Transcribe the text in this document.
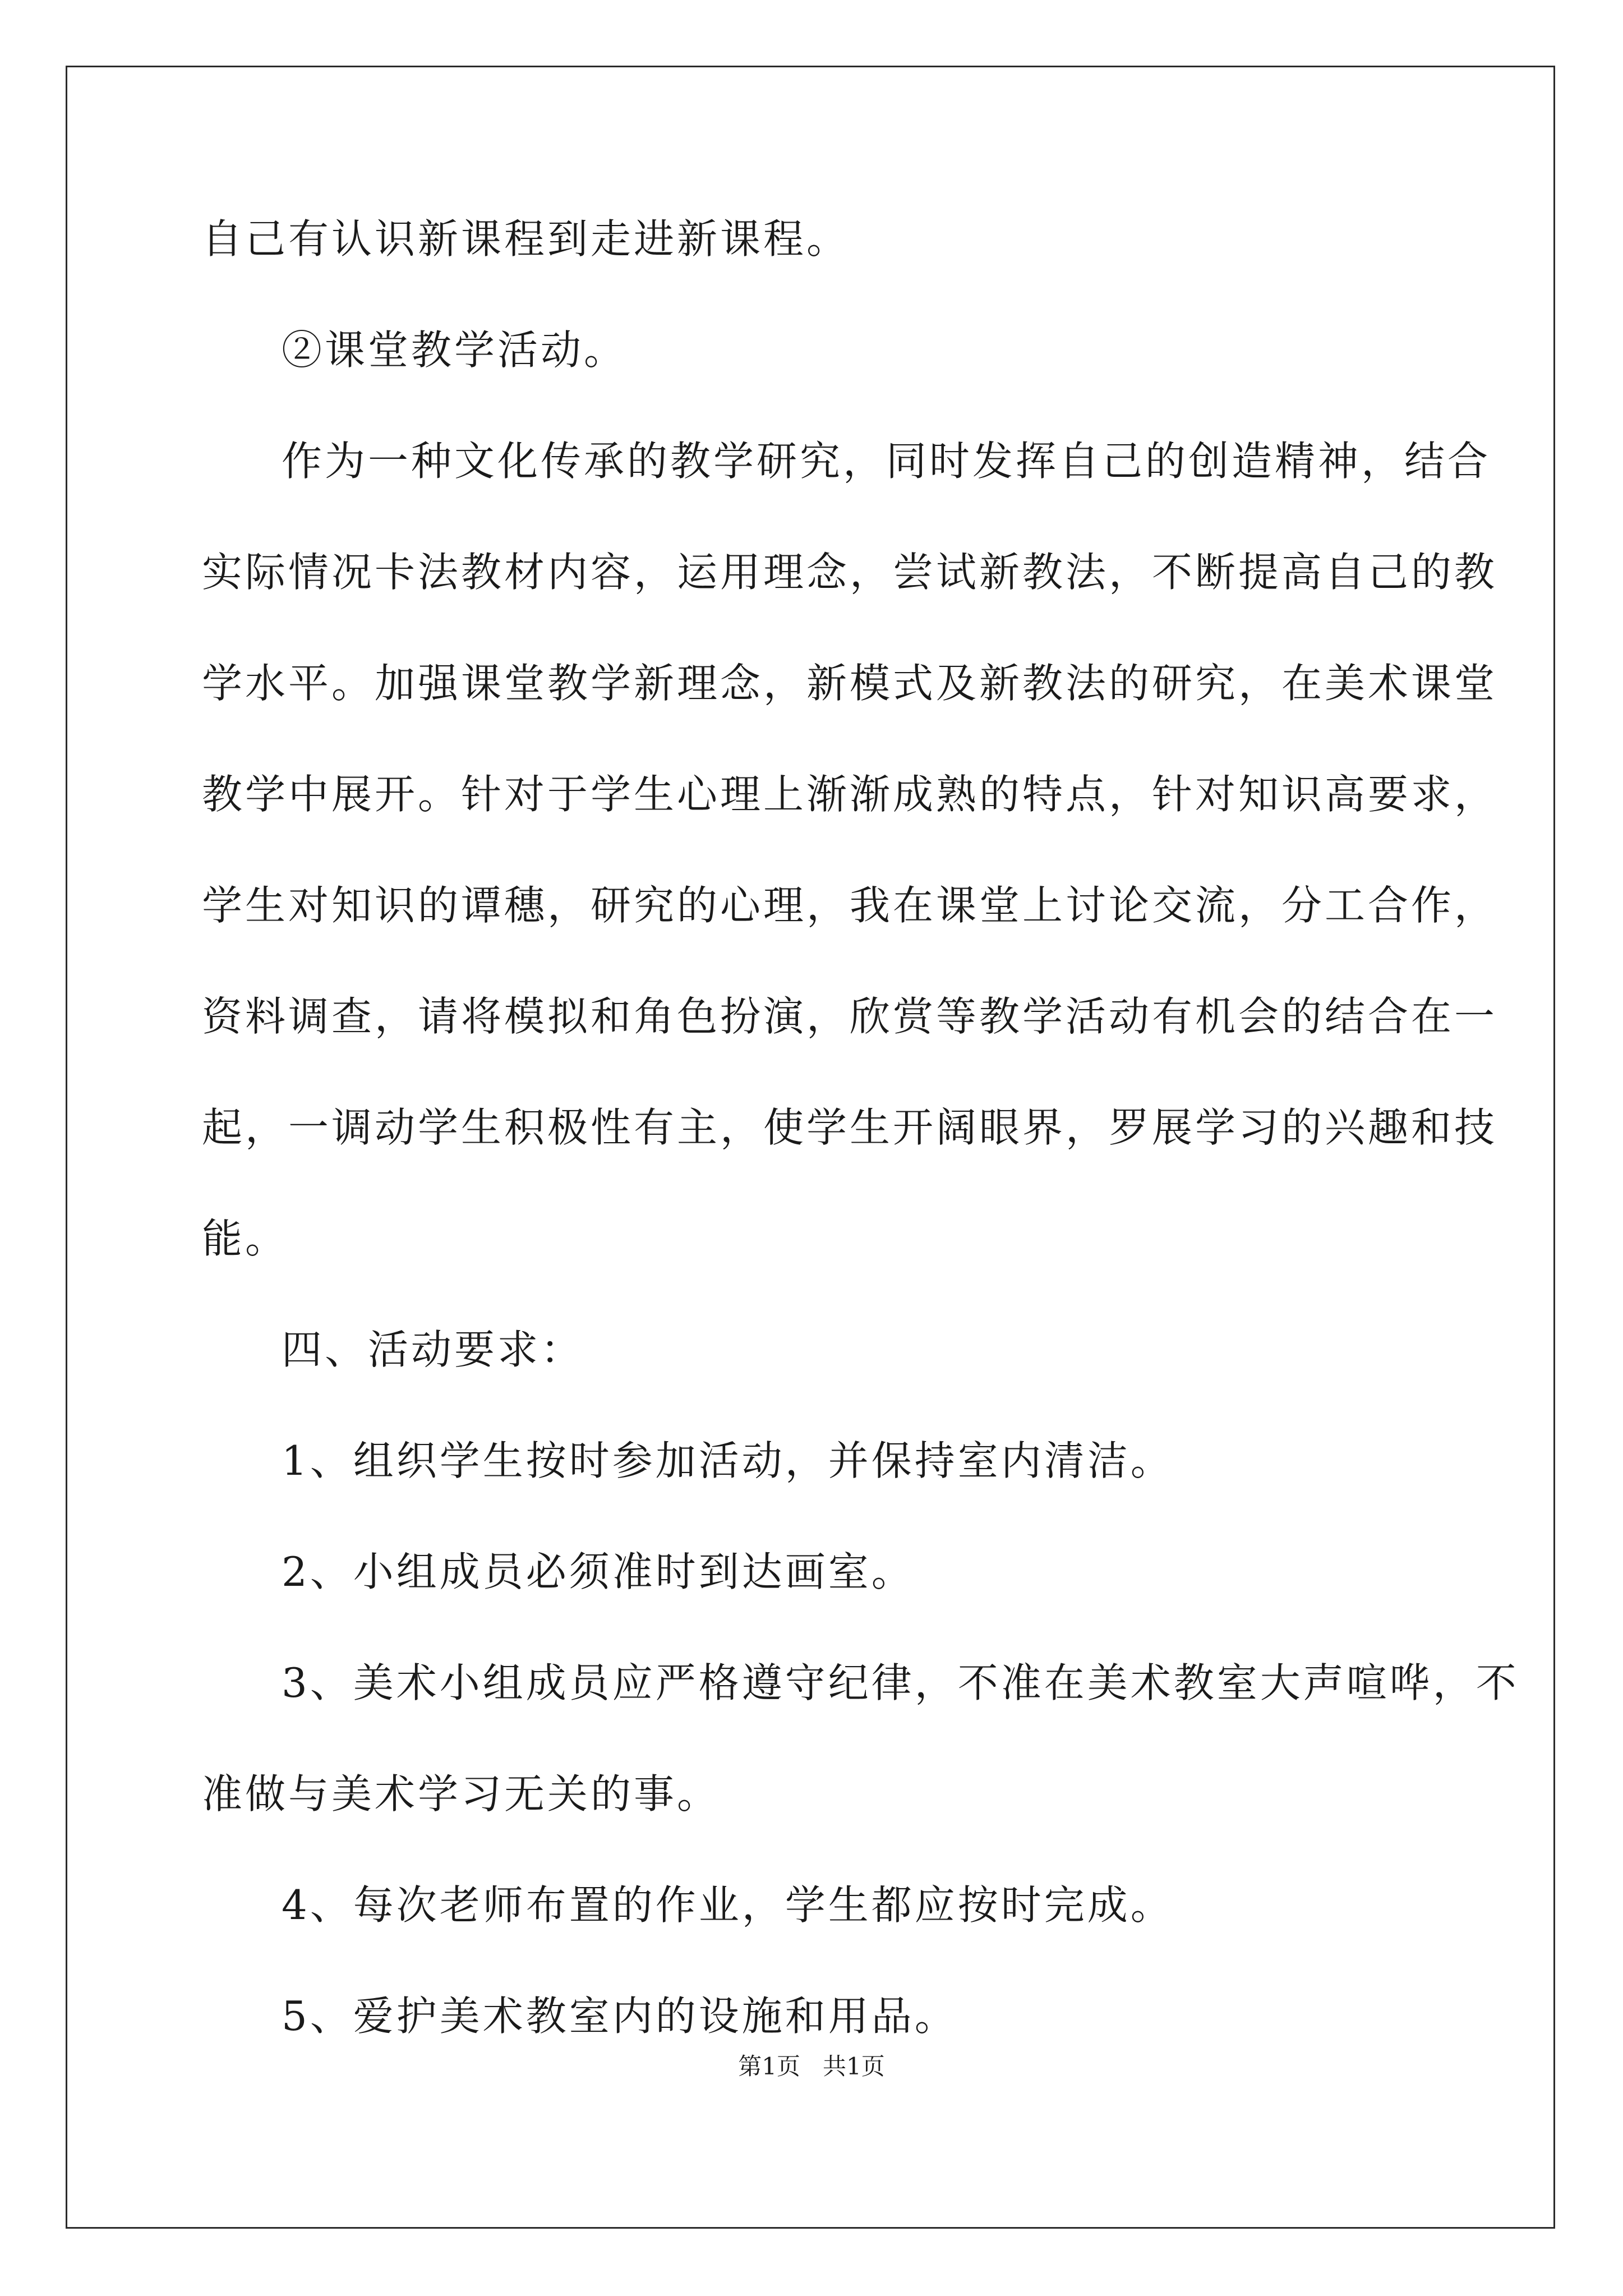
自己有认识新课程到走进新课程。

②课堂教学活动。

作为一种文化传承的教学研究，同时发挥自己的创造精神，结合

实际情况卡法教材内容，运用理念，尝试新教法，不断提高自己的教

学水平。加强课堂教学新理念，新模式及新教法的研究，在美术课堂

教学中展开。针对于学生心理上渐渐成熟的特点，针对知识高要求，

学生对知识的谭穗，研究的心理，我在课堂上讨论交流，分工合作，

资料调查，请将模拟和角色扮演，欣赏等教学活动有机会的结合在一

起，一调动学生积极性有主，使学生开阔眼界，罗展学习的兴趣和技

能。

四、活动要求：

1、组织学生按时参加活动，并保持室内清洁。

2、小组成员必须准时到达画室。

3、美术小组成员应严格遵守纪律，不准在美术教室大声喧哗，不

准做与美术学习无关的事。

4、每次老师布置的作业，学生都应按时完成。

5、爱护美术教室内的设施和用品。

第1页   共1页
